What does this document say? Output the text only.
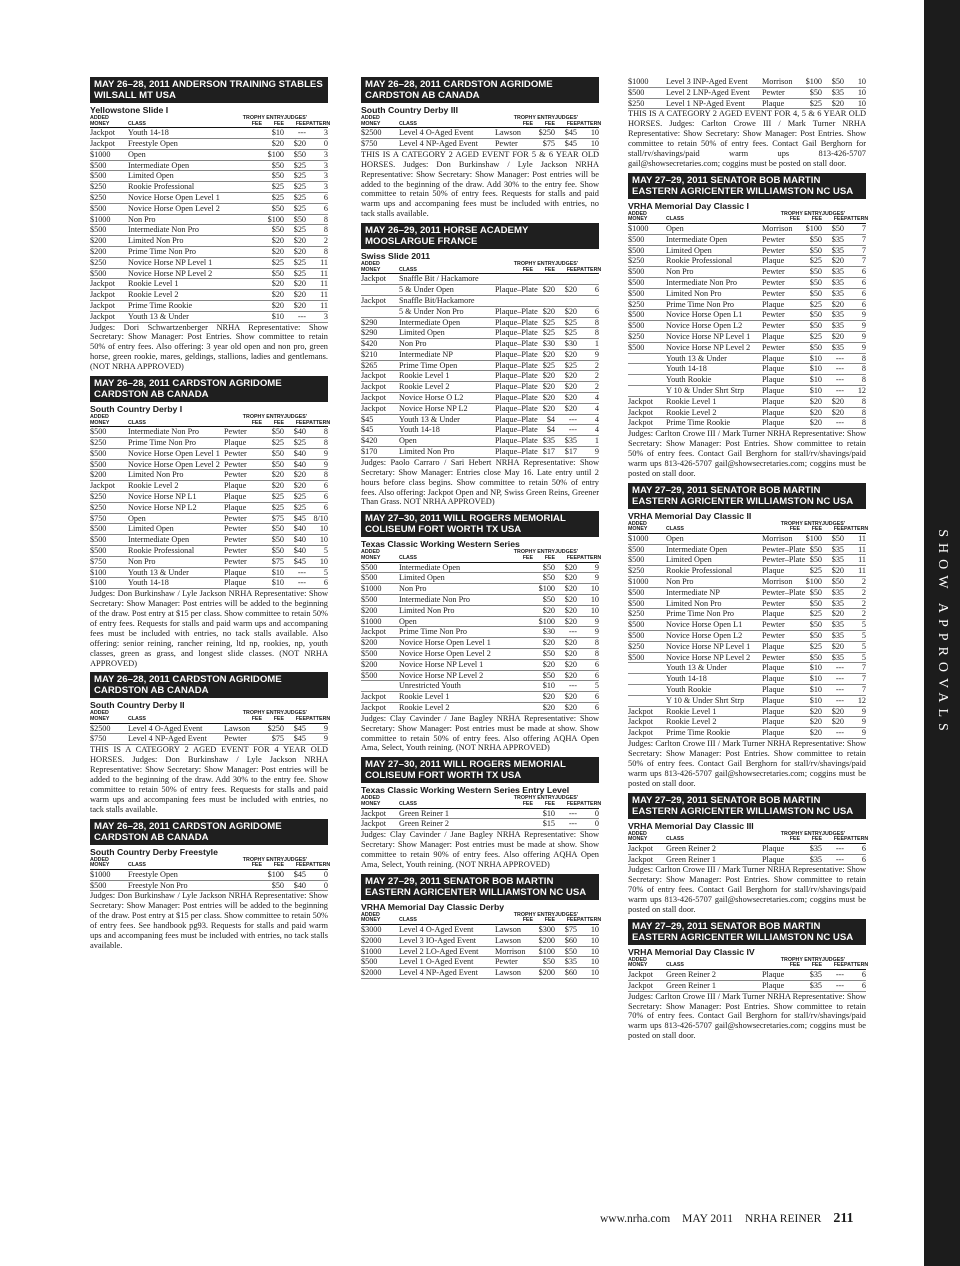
MAY 26–28, 2011 ANDERSON TRAINING STABLES WILSALL MT USA
Yellowstone Slide I
ADDED		TROPHY ENTRY		JUDGES'	
MONEY	CLASS	FEE	FEE	FEE	PATTERN
Jackpot	Youth 14-18		$10	---	3
Jackpot	Freestyle Open		$20	$20	0
$1000	Open		$100	$50	3
$500	Intermediate Open		$50	$25	3
$500	Limited Open		$50	$25	3
$250	Rookie Professional		$25	$25	3
$250	Novice Horse Open Level 1		$25	$25	6
$500	Novice Horse Open Level 2		$50	$25	6
$1000	Non Pro		$100	$50	8
$500	Intermediate Non Pro		$50	$25	8
$200	Limited Non Pro		$20	$20	2
$200	Prime Time Non Pro		$20	$20	8
$250	Novice Horse NP Level 1		$25	$25	11
$500	Novice Horse NP Level 2		$50	$25	11
Jackpot	Rookie Level 1		$20	$20	11
Jackpot	Rookie Level 2		$20	$20	11
Jackpot	Prime Time Rookie		$20	$20	11
Jackpot	Youth 13 & Under		$10	---	3

Judges: Dori Schwartzenberger NRHA Representative: Show Secretary: Show Manager: Post Entries. Show committee to retain 50% of entry fees. Also offering: 3 year old open and non pro, green horse, green rookie, mares, geldings, stallions, ladies and gentlemans. (NOT NRHA APPROVED)

MAY 26–28, 2011 CARDSTON AGRIDOME CARDSTON AB CANADA
South Country Derby I
ADDED		TROPHY ENTRY		JUDGES'	
MONEY	CLASS	FEE	FEE	FEE	PATTERN
$500	Intermediate Non Pro	Pewter	$50	$40	8
$250	Prime Time Non Pro	Plaque	$25	$25	8
$500	Novice Horse Open Level 1	Pewter	$50	$40	9
$500	Novice Horse Open Level 2	Pewter	$50	$40	9
$200	Limited Non Pro	Pewter	$20	$20	8
Jackpot	Rookie Level 2	Plaque	$20	$20	6
$250	Novice Horse NP L1	Plaque	$25	$25	6
$250	Novice Horse NP L2	Plaque	$25	$25	6
$750	Open	Pewter	$75	$45	8/10
$500	Limited Open	Pewter	$50	$40	10
$500	Intermediate Open	Pewter	$50	$40	10
$500	Rookie Professional	Pewter	$50	$40	5
$750	Non Pro	Pewter	$75	$45	10
$100	Youth 13 & Under	Plaque	$10	---	5
$100	Youth 14-18	Plaque	$10	---	6

Judges: Don Burkinshaw / Lyle Jackson NRHA Representative: Show Secretary: Show Manager: Post entries will be added to the beginning of the draw. Post entry at $15 per class. Show committee to retain 50% of entry fees. Requests for stalls and paid warm ups and accompaning fees must be included with entries, no tack stalls available. Also offering: senior reining, rancher reining, ltd np, rookies, np, youth classes, green as grass, and longest slide classes. (NOT NRHA APPROVED)

MAY 26–28, 2011 CARDSTON AGRIDOME CARDSTON AB CANADA
South Country Derby II
ADDED		TROPHY ENTRY		JUDGES'	
MONEY	CLASS	FEE	FEE	FEE	PATTERN
$2500	Level 4 O-Aged Event	Lawson	$250	$45	9
$750	Level 4 NP-Aged Event	Pewter	$75	$45	9

THIS IS A CATEGORY 2 AGED EVENT FOR 4 YEAR OLD HORSES. Judges: Don Burkinshaw / Lyle Jackson NRHA Representative: Show Secretary: Show Manager: Post entries will be added to the beginning of the draw. Add 30% to the entry fee. Show committee to retain 50% of entry fees. Requests for stalls and paid warm ups and accompaning fees must be included with entries, no tack stalls available.

MAY 26–28, 2011 CARDSTON AGRIDOME CARDSTON AB CANADA
South Country Derby Freestyle
ADDED		TROPHY ENTRY		JUDGES'	
MONEY	CLASS	FEE	FEE	FEE	PATTERN
$1000	Freestyle Open		$100	$45	0
$500	Freestyle Non Pro		$50	$40	0

Judges: Don Burkinshaw / Lyle Jackson NRHA Representative: Show Secretary: Show Manager: Post entries will be added to the beginning of the draw. Post entry at $15 per class. Show committee to retain 50% of entry fees. See handbook pg93. Requests for stalls and paid warm ups and accompaning fees must be included with entries, no tack stalls available.

MAY 26–28, 2011 CARDSTON AGRIDOME CARDSTON AB CANADA
South Country Derby III
ADDED		TROPHY ENTRY		JUDGES'	
MONEY	CLASS	FEE	FEE	FEE	PATTERN
$2500	Level 4 O-Aged Event	Lawson	$250	$45	10
$750	Level 4 NP-Aged Event	Pewter	$75	$45	10

THIS IS A CATEGORY 2 AGED EVENT FOR 5 & 6 YEAR OLD HORSES. Judges: Don Burkinshaw / Lyle Jackson NRHA Representative: Show Secretary: Show Manager: Post entries will be added to the beginning of the draw. Add 30% to the entry fee. Show committee to retain 50% of entry fees. Requests for stalls and paid warm ups and accompaning fees must be included with entries, no tack stalls available.

MAY 26–29, 2011 HORSE ACADEMY MOOSLARGUE FRANCE
Swiss Slide 2011
ADDED		TROPHY ENTRY		JUDGES'	
MONEY	CLASS	FEE	FEE	FEE	PATTERN
Jackpot	Snaffle Bit / Hackamore				
	5 & Under Open	Plaque–Plate	$20	$20	6
Jackpot	Snaffle Bit/Hackamore				
	5 & Under Non Pro	Plaque–Plate	$20	$20	6
$290	Intermediate Open	Plaque–Plate	$25	$25	8
$290	Limited Open	Plaque–Plate	$25	$25	8
$420	Non Pro	Plaque–Plate	$30	$30	1
$210	Intermediate NP	Plaque–Plate	$20	$20	9
$265	Prime Time Open	Plaque–Plate	$25	$25	2
Jackpot	Rookie Level 1	Plaque–Plate	$20	$20	2
Jackpot	Rookie Level 2	Plaque–Plate	$20	$20	2
Jackpot	Novice Horse O L2	Plaque–Plate	$20	$20	4
Jackpot	Novice Horse NP L2	Plaque–Plate	$20	$20	4
$45	Youth 13 & Under	Plaque–Plate	$4	---	4
$45	Youth 14-18	Plaque–Plate	$4	---	4
$420	Open	Plaque–Plate	$35	$35	1
$170	Limited Non Pro	Plaque–Plate	$17	$17	9

Judges: Paolo Carraro / Sari Hebert NRHA Representative: Show Secretary: Show Manager: Entries close May 16. Late entry until 2 hours before class begins. Show committee to retain 50% of entry fees. Also offering: Jackpot Open and NP, Swiss Green Reins, Greener Than Grass. NOT NRHA APPROVED)

MAY 27–30, 2011 WILL ROGERS MEMORIAL COLISEUM FORT WORTH TX USA
Texas Classic Working Western Series
ADDED		TROPHY ENTRY		JUDGES'	
MONEY	CLASS	FEE	FEE	FEE	PATTERN
$500	Intermediate Open		$50	$20	9
$500	Limited Open		$50	$20	9
$1000	Non Pro		$100	$20	10
$500	Intermediate Non Pro		$50	$20	10
$200	Limited Non Pro		$20	$20	10
$1000	Open		$100	$20	9
Jackpot	Prime Time Non Pro		$30	---	9
$200	Novice Horse Open Level 1		$20	$20	8
$500	Novice Horse Open Level 2		$50	$20	8
$200	Novice Horse NP Level 1		$20	$20	6
$500	Novice Horse NP Level 2		$50	$20	6
	Unrestricted Youth		$10	---	5
Jackpot	Rookie Level 1		$20	$20	6
Jackpot	Rookie Level 2		$20	$20	6

Judges: Clay Cavinder / Jane Bagley NRHA Representative: Show Secretary: Show Manager: Post entries must be made at show. Show committee to retain 50% of entry fees. Also offering AQHA Open Ama, Select, Youth reining. (NOT NRHA APPROVED)

MAY 27–30, 2011 WILL ROGERS MEMORIAL COLISEUM FORT WORTH TX USA
Texas Classic Working Western Series Entry Level
ADDED		TROPHY ENTRY		JUDGES'	
MONEY	CLASS	FEE	FEE	FEE	PATTERN
Jackpot	Green Reiner 1		$10	---	0
Jackpot	Green Reiner 2		$15	---	0

Judges: Clay Cavinder / Jane Bagley NRHA Representative: Show Secretary: Show Manager: Post entries must be made at show. Show committee to retain 90% of entry fees. Also offering AQHA Open Ama, Select, Youth reining. (NOT NRHA APPROVED)

MAY 27–29, 2011 SENATOR BOB MARTIN EASTERN AGRICENTER WILLIAMSTON NC USA
VRHA Memorial Day Classic Derby
ADDED		TROPHY ENTRY		JUDGES'	
MONEY	CLASS	FEE	FEE	FEE	PATTERN
$3000	Level 4 O-Aged Event	Lawson	$300	$75	10
$2000	Level 3 IO-Aged Event	Lawson	$200	$60	10
$1000	Level 2 LO-Aged Event	Morrison	$100	$50	10
$500	Level 1 O-Aged Event	Pewter	$50	$35	10
$2000	Level 4 NP-Aged Event	Lawson	$200	$60	10
$1000	Level 3 INP-Aged Event	Morrison	$100	$50	10
$500	Level 2 LNP-Aged Event	Pewter	$50	$35	10
$250	Level 1 NP-Aged Event	Plaque	$25	$20	10

THIS IS A CATEGORY 2 AGED EVENT FOR 4, 5 & 6 YEAR OLD HORSES. Judges: Carlton Crowe III / Mark Turner NRHA Representative: Show Secretary: Show Manager: Post Entries. Show committee to retain 50% of entry fees. Contact Gail Berghorn for stall/rv/shavings/paid warm ups 813-426-5707 gail@showsecretaries.com; coggins must be posted on stall door.

MAY 27–29, 2011 SENATOR BOB MARTIN EASTERN AGRICENTER WILLIAMSTON NC USA
VRHA Memorial Day Classic I
ADDED		TROPHY ENTRY		JUDGES'	
MONEY	CLASS	FEE	FEE	FEE	PATTERN
$1000	Open	Morrison	$100	$50	7
$500	Intermediate Open	Pewter	$50	$35	7
$500	Limited Open	Pewter	$50	$35	7
$250	Rookie Professional	Plaque	$25	$20	7
$500	Non Pro	Pewter	$50	$35	6
$500	Intermediate Non Pro	Pewter	$50	$35	6
$500	Limited Non Pro	Pewter	$50	$35	6
$250	Prime Time Non Pro	Plaque	$25	$20	6
$500	Novice Horse Open L1	Pewter	$50	$35	9
$500	Novice Horse Open L2	Pewter	$50	$35	9
$250	Novice Horse NP Level 1	Plaque	$25	$20	9
$500	Novice Horse NP Level 2	Pewter	$50	$35	9
	Youth 13 & Under	Plaque	$10	---	8
	Youth 14-18	Plaque	$10	---	8
	Youth Rookie	Plaque	$10	---	8
	Y 10 & Under Shrt Strp	Plaque	$10	---	12
Jackpot	Rookie Level 1	Plaque	$20	$20	8
Jackpot	Rookie Level 2	Plaque	$20	$20	8
Jackpot	Prime Time Rookie	Plaque	$20	---	8

Judges: Carlton Crowe III / Mark Turner NRHA Representative: Show Secretary: Show Manager: Post Entries. Show committee to retain 50% of entry fees. Contact Gail Berghorn for stall/rv/shavings/paid warm ups 813-426-5707 gail@showsecretaries.com; coggins must be posted on stall door.

MAY 27–29, 2011 SENATOR BOB MARTIN EASTERN AGRICENTER WILLIAMSTON NC USA
VRHA Memorial Day Classic II
ADDED		TROPHY ENTRY		JUDGES'	
MONEY	CLASS	FEE	FEE	FEE	PATTERN
$1000	Open	Morrison	$100	$50	11
$500	Intermediate Open	Pewter–Plate	$50	$35	11
$500	Limited Open	Pewter–Plate	$50	$35	11
$250	Rookie Professional	Plaque	$25	$20	11
$1000	Non Pro	Morrison	$100	$50	2
$500	Intermediate NP	Pewter–Plate	$50	$35	2
$500	Limited Non Pro	Pewter	$50	$35	2
$250	Prime Time Non Pro	Plaque	$25	$20	2
$500	Novice Horse Open L1	Pewter	$50	$35	5
$500	Novice Horse Open L2	Pewter	$50	$35	5
$250	Novice Horse NP Level 1	Plaque	$25	$20	5
$500	Novice Horse NP Level 2	Pewter	$50	$35	5
	Youth 13 & Under	Plaque	$10	---	7
	Youth 14-18	Plaque	$10	---	7
	Youth Rookie	Plaque	$10	---	7
	Y 10 & Under Shrt Strp	Plaque	$10	---	12
Jackpot	Rookie Level 1	Plaque	$20	$20	9
Jackpot	Rookie Level 2	Plaque	$20	$20	9
Jackpot	Prime Time Rookie	Plaque	$20	---	9

Judges: Carlton Crowe III / Mark Turner NRHA Representative: Show Secretary: Show Manager: Post Entries. Show committee to retain 50% of entry fees. Contact Gail Berghorn for stall/rv/shavings/paid warm ups 813-426-5707 gail@showsecretaries.com; coggins must be posted on stall door.

MAY 27–29, 2011 SENATOR BOB MARTIN EASTERN AGRICENTER WILLIAMSTON NC USA
VRHA Memorial Day Classic III
ADDED		TROPHY ENTRY		JUDGES'	
MONEY	CLASS	FEE	FEE	FEE	PATTERN
Jackpot	Green Reiner 2	Plaque	$35	---	6
Jackpot	Green Reiner 1	Plaque	$35	---	6

Judges: Carlton Crowe III / Mark Turner NRHA Representative: Show Secretary: Show Manager: Post Entries. Show committee to retain 70% of entry fees. Contact Gail Berghorn for stall/rv/shavings/paid warm ups 813-426-5707 gail@showsecretaries.com; coggins must be posted on stall door.

MAY 27–29, 2011 SENATOR BOB MARTIN EASTERN AGRICENTER WILLIAMSTON NC USA
VRHA Memorial Day Classic IV
ADDED		TROPHY ENTRY		JUDGES'	
MONEY	CLASS	FEE	FEE	FEE	PATTERN
Jackpot	Green Reiner 2	Plaque	$35	---	6
Jackpot	Green Reiner 1	Plaque	$35	---	6

Judges: Carlton Crowe III / Mark Turner NRHA Representative: Show Secretary: Show Manager: Post Entries. Show committee to retain 70% of entry fees. Contact Gail Berghorn for stall/rv/shavings/paid warm ups 813-426-5707 gail@showsecretaries.com; coggins must be posted on stall door.

SHOW APPROVALS
www.nrha.com MAY 2011 NRHA REINER 211
